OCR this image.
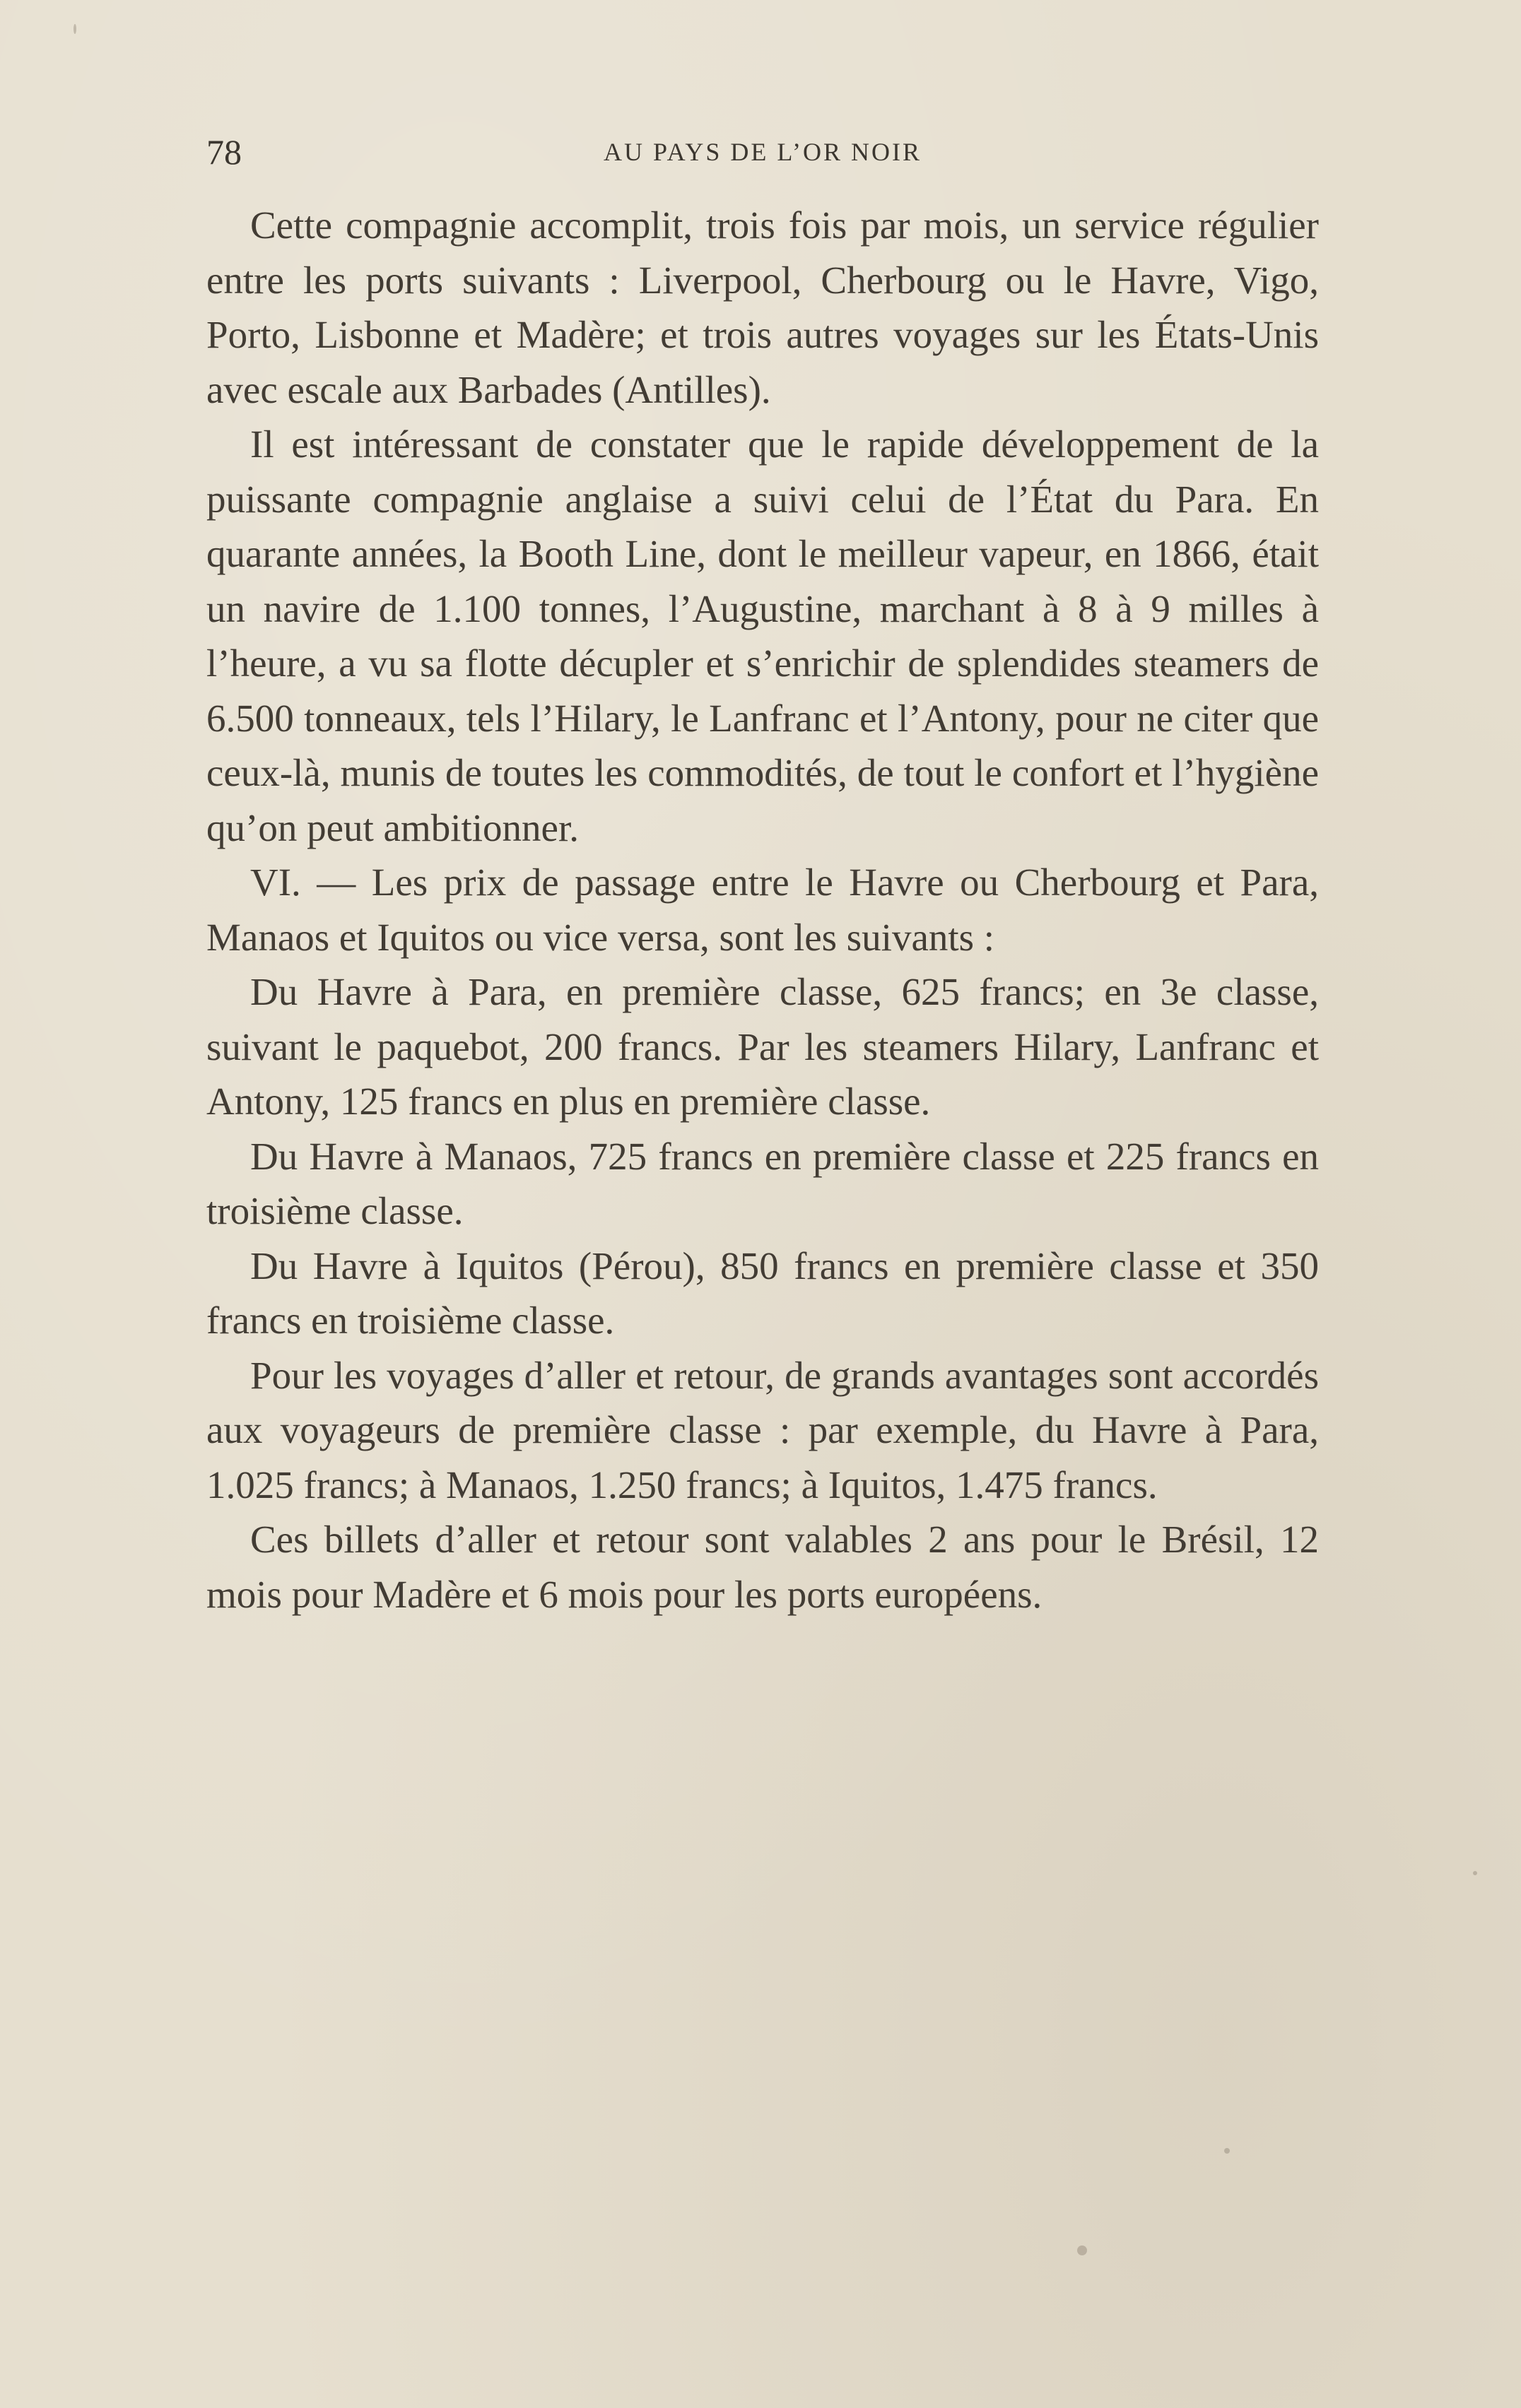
78	AU PAYS DE L’OR NOIR

Cette compagnie accomplit, trois fois par mois, un service régulier entre les ports suivants : Liverpool, Cherbourg ou le Havre, Vigo, Porto, Lisbonne et Madère; et trois autres voyages sur les États-Unis avec escale aux Barbades (Antilles).

Il est intéressant de constater que le rapide développement de la puissante compagnie anglaise a suivi celui de l’État du Para. En quarante années, la Booth Line, dont le meilleur vapeur, en 1866, était un navire de 1.100 tonnes, l’Augustine, marchant à 8 à 9 milles à l’heure, a vu sa flotte décupler et s’enrichir de splendides steamers de 6.500 tonneaux, tels l’Hilary, le Lanfranc et l’Antony, pour ne citer que ceux-là, munis de toutes les commodités, de tout le confort et l’hygiène qu’on peut ambitionner.

VI. — Les prix de passage entre le Havre ou Cherbourg et Para, Manaos et Iquitos ou vice versa, sont les suivants :

Du Havre à Para, en première classe, 625 francs; en 3e classe, suivant le paquebot, 200 francs. Par les steamers Hilary, Lanfranc et Antony, 125 francs en plus en première classe.

Du Havre à Manaos, 725 francs en première classe et 225 francs en troisième classe.

Du Havre à Iquitos (Pérou), 850 francs en première classe et 350 francs en troisième classe.

Pour les voyages d’aller et retour, de grands avantages sont accordés aux voyageurs de première classe : par exemple, du Havre à Para, 1.025 francs; à Manaos, 1.250 francs; à Iquitos, 1.475 francs.

Ces billets d’aller et retour sont valables 2 ans pour le Brésil, 12 mois pour Madère et 6 mois pour les ports européens.
